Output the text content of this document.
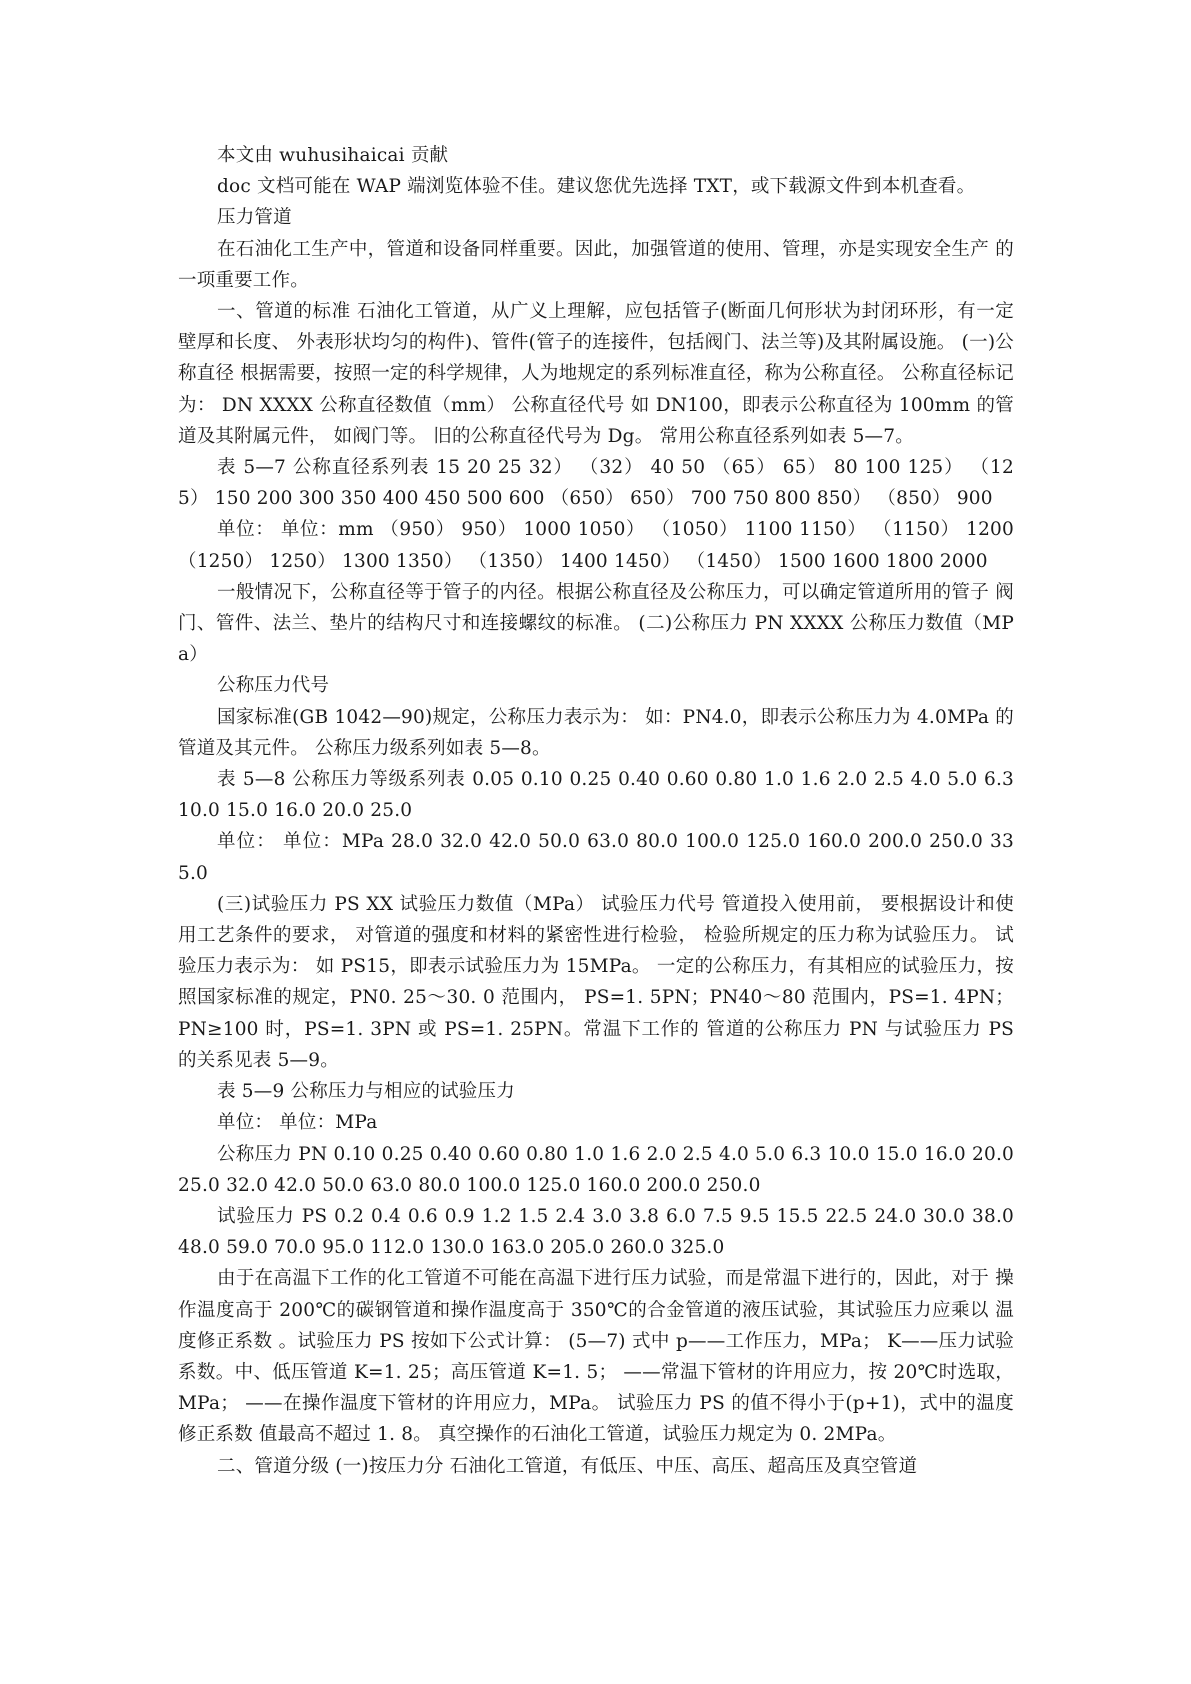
本文由 wuhusihaicai 贡献

doc 文档可能在 WAP 端浏览体验不佳。建议您优先选择 TXT，或下载源文件到本机查看。

压力管道

在石油化工生产中，管道和设备同样重要。因此，加强管道的使用、管理，亦是实现安全生产 的一项重要工作。

一、管道的标准 石油化工管道，从广义上理解，应包括管子(断面几何形状为封闭环形，有一定壁厚和长度、 外表形状均匀的构件)、管件(管子的连接件，包括阀门、法兰等)及其附属设施。 (一)公称直径 根据需要，按照一定的科学规律，人为地规定的系列标准直径，称为公称直径。 公称直径标记为： DN XXXX 公称直径数值（mm） 公称直径代号 如 DN100，即表示公称直径为 100mm 的管道及其附属元件， 如阀门等。 旧的公称直径代号为 Dg。 常用公称直径系列如表 5—7。

表 5—7 公称直径系列表 15 20 25 32） （32） 40 50 （65） 65） 80 100 125） （125） 150 200 300 350 400 450 500 600 （650） 650） 700 750 800 850） （850） 900

单位： 单位：mm （950） 950） 1000 1050） （1050） 1100 1150） （1150） 1200 （1250） 1250） 1300 1350） （1350） 1400 1450） （1450） 1500 1600 1800 2000

一般情况下，公称直径等于管子的内径。根据公称直径及公称压力，可以确定管道所用的管子 阀门、管件、法兰、垫片的结构尺寸和连接螺纹的标准。 (二)公称压力 PN XXXX 公称压力数值（MPa）

公称压力代号

国家标准(GB 1042—90)规定，公称压力表示为： 如：PN4.0，即表示公称压力为 4.0MPa 的管道及其元件。 公称压力级系列如表 5—8。

表 5—8 公称压力等级系列表 0.05 0.10 0.25 0.40 0.60 0.80 1.0 1.6 2.0 2.5 4.0 5.0 6.3 10.0 15.0 16.0 20.0 25.0

单位： 单位：MPa 28.0 32.0 42.0 50.0 63.0 80.0 100.0 125.0 160.0 200.0 250.0 335.0

(三)试验压力 PS XX 试验压力数值（MPa） 试验压力代号 管道投入使用前， 要根据设计和使用工艺条件的要求， 对管道的强度和材料的紧密性进行检验， 检验所规定的压力称为试验压力。 试验压力表示为： 如 PS15，即表示试验压力为 15MPa。 一定的公称压力，有其相应的试验压力，按照国家标准的规定，PN0. 25～30. 0 范围内， PS=1. 5PN；PN40～80 范围内，PS=1. 4PN；PN≥100 时，PS=1. 3PN 或 PS=1. 25PN。常温下工作的 管道的公称压力 PN 与试验压力 PS 的关系见表 5—9。

表 5—9 公称压力与相应的试验压力

单位： 单位：MPa

公称压力 PN 0.10 0.25 0.40 0.60 0.80 1.0 1.6 2.0 2.5 4.0 5.0 6.3 10.0 15.0 16.0 20.0 25.0 32.0 42.0 50.0 63.0 80.0 100.0 125.0 160.0 200.0 250.0

试验压力 PS 0.2 0.4 0.6 0.9 1.2 1.5 2.4 3.0 3.8 6.0 7.5 9.5 15.5 22.5 24.0 30.0 38.0 48.0 59.0 70.0 95.0 112.0 130.0 163.0 205.0 260.0 325.0

由于在高温下工作的化工管道不可能在高温下进行压力试验，而是常温下进行的，因此，对于 操作温度高于 200℃的碳钢管道和操作温度高于 350℃的合金管道的液压试验，其试验压力应乘以 温度修正系数 。试验压力 PS 按如下公式计算： (5—7) 式中 p——工作压力，MPa； K——压力试验系数。中、低压管道 K=1. 25；高压管道 K=1. 5； ——常温下管材的许用应力，按 20℃时选取，MPa； ——在操作温度下管材的许用应力，MPa。 试验压力 PS 的值不得小于(p+1)，式中的温度修正系数 值最高不超过 1. 8。 真空操作的石油化工管道，试验压力规定为 0. 2MPa。

二、管道分级 (一)按压力分 石油化工管道，有低压、中压、高压、超高压及真空管道
